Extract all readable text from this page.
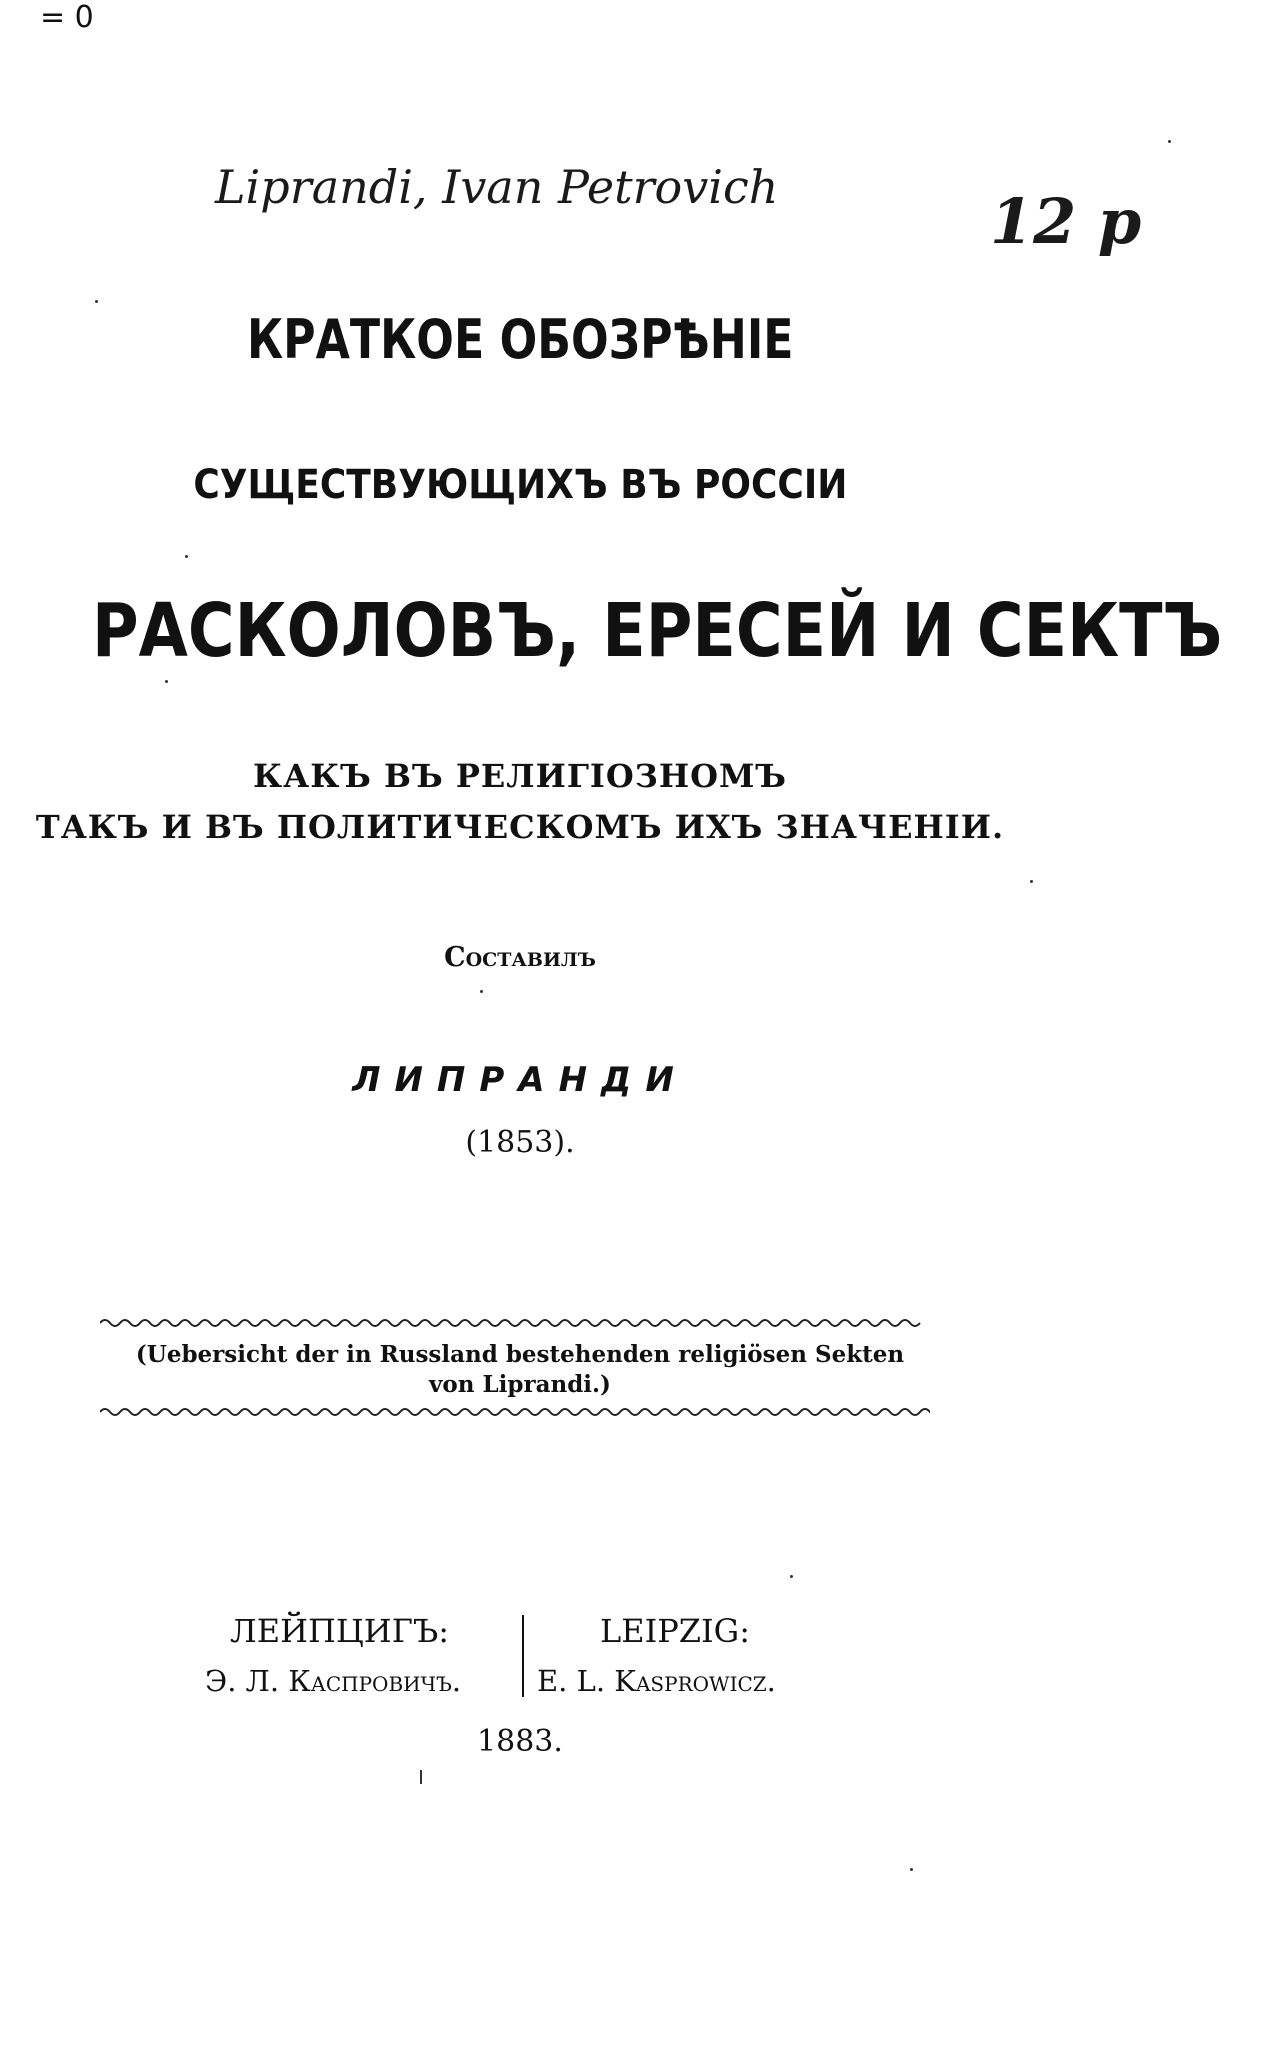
= 0
Liprandi, Ivan Petrovich	12 p
КРАТКОЕ ОБОЗРѢНІЕ
СУЩЕСТВУЮЩИХЪ ВЪ РОССІИ
РАСКОЛОВЪ, ЕРЕСЕЙ И СЕКТЪ
КАКЪ ВЪ РЕЛИГІОЗНОМЪ
ТАКЪ И ВЪ ПОЛИТИЧЕСКОМЪ ИХЪ ЗНАЧЕНІИ.
Составилъ
ЛИПРАНДИ
(1853).
(Uebersicht der in Russland bestehenden religiösen Sekten
von Liprandi.)
ЛЕЙПЦИГЪ:
Э. Л. Каспровичъ.
LEIPZIG:
E. L. Kasprowicz.
1883.
